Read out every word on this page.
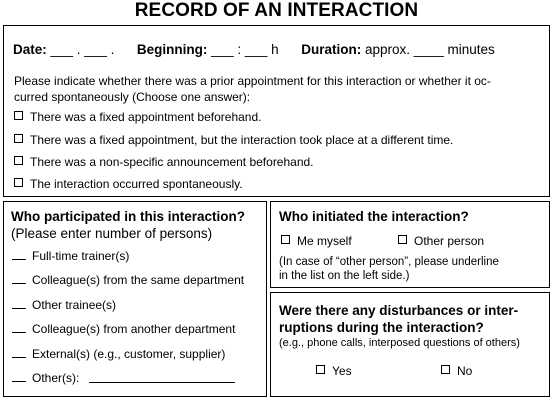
RECORD OF AN INTERACTION
Date: ___ . ___ . Beginning: ___ : ___ h Duration: approx. ____ minutes
Please indicate whether there was a prior appointment for this interaction or whether it oc-
curred spontaneously (Choose one answer):
There was a fixed appointment beforehand.
There was a fixed appointment, but the interaction took place at a different time.
There was a non-specific announcement beforehand.
The interaction occurred spontaneously.
Who participated in this interaction?
(Please enter number of persons)
Full-time trainer(s)
Colleague(s) from the same department
Other trainee(s)
Colleague(s) from another department
External(s) (e.g., customer, supplier)
Other(s):
Who initiated the interaction?
Me myself	Other person
(In case of “other person”, please underline
in the list on the left side.)
Were there any disturbances or inter-
ruptions during the interaction?
(e.g., phone calls, interposed questions of others)
Yes	No
